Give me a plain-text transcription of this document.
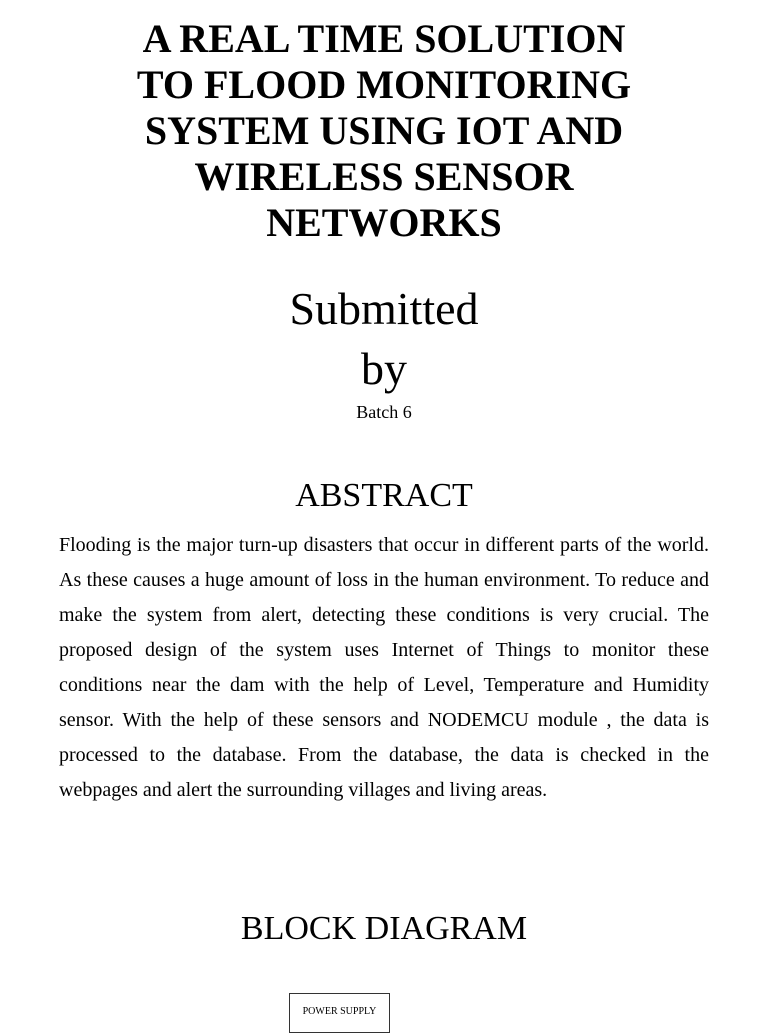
A REAL TIME SOLUTION
TO FLOOD MONITORING
SYSTEM USING IOT AND
WIRELESS SENSOR
NETWORKS
Submitted
by
Batch 6
ABSTRACT

Flooding is the major turn-up disasters that occur in different parts of the world. As these causes a huge amount of loss in the human environment. To reduce and make the system from alert, detecting these conditions is very crucial. The proposed design of the system uses Internet of Things to monitor these conditions near the dam with the help of Level, Temperature and Humidity sensor. With the help of these sensors and NODEMCU module , the data is processed to the database. From the database, the data is checked in the webpages and alert the surrounding villages and living areas.

BLOCK DIAGRAM
POWER SUPPLY
